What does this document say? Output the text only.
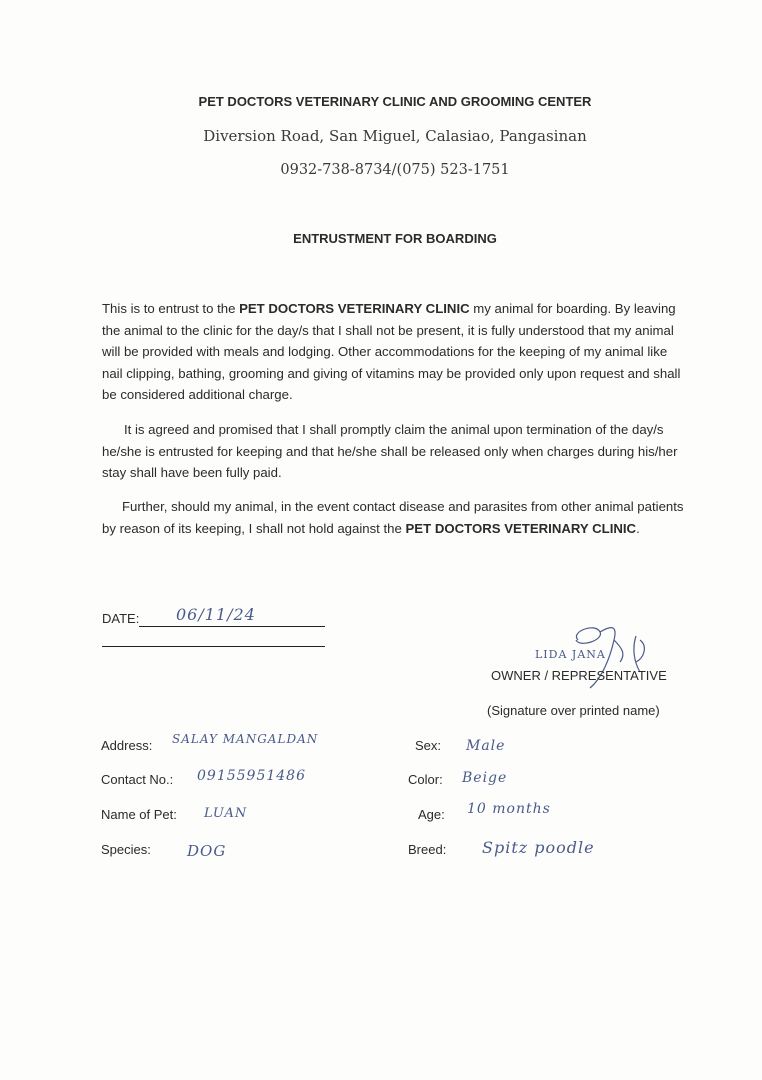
PET DOCTORS VETERINARY CLINIC AND GROOMING CENTER
Diversion Road, San Miguel, Calasiao, Pangasinan
0932-738-8734/(075) 523-1751
ENTRUSTMENT FOR BOARDING
This is to entrust to the PET DOCTORS VETERINARY CLINIC my animal for boarding. By leaving the animal to the clinic for the day/s that I shall not be present, it is fully understood that my animal will be provided with meals and lodging. Other accommodations for the keeping of my animal like nail clipping, bathing, grooming and giving of vitamins may be provided only upon request and shall be considered additional charge.
It is agreed and promised that I shall promptly claim the animal upon termination of the day/s he/she is entrusted for keeping and that he/she shall be released only when charges during his/her stay shall have been fully paid.
Further, should my animal, in the event contact disease and parasites from other animal patients by reason of its keeping, I shall not hold against the PET DOCTORS VETERINARY CLINIC.
DATE: 06/11/24
LIDA JANA
OWNER / REPRESENTATIVE
(Signature over printed name)
Address: SALAY MANGALDAN
Contact No.: 09155951486
Name of Pet: LUAN
Species: DOG
Sex: Male
Color: Beige
Age: 10 months
Breed: Spitz poodle
